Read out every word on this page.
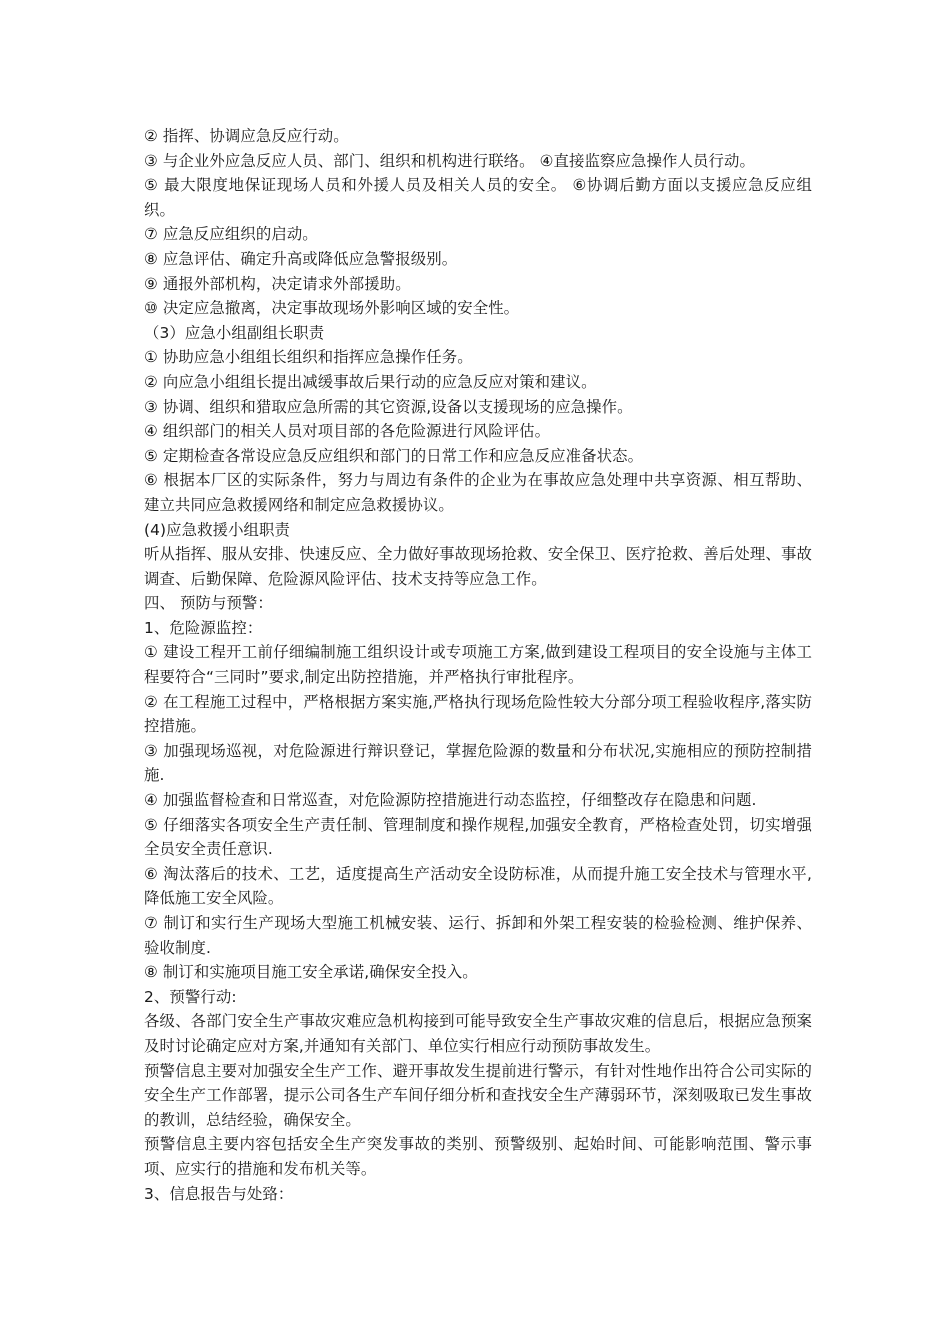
② 指挥、协调应急反应行动。
③ 与企业外应急反应人员、部门、组织和机构进行联络。 ④直接监察应急操作人员行动。
⑤ 最大限度地保证现场人员和外援人员及相关人员的安全。 ⑥协调后勤方面以支援应急反应组织。
⑦ 应急反应组织的启动。
⑧ 应急评估、确定升高或降低应急警报级别。
⑨ 通报外部机构，决定请求外部援助。
⑩ 决定应急撤离，决定事故现场外影响区域的安全性。
（3）应急小组副组长职责
① 协助应急小组组长组织和指挥应急操作任务。
② 向应急小组组长提出减缓事故后果行动的应急反应对策和建议。
③ 协调、组织和猎取应急所需的其它资源,设备以支援现场的应急操作。
④ 组织部门的相关人员对项目部的各危险源进行风险评估。
⑤ 定期检查各常设应急反应组织和部门的日常工作和应急反应准备状态。
⑥ 根据本厂区的实际条件，努力与周边有条件的企业为在事故应急处理中共享资源、相互帮助、建立共同应急救援网络和制定应急救援协议。
(4)应急救援小组职责
听从指挥、服从安排、快速反应、全力做好事故现场抢救、安全保卫、医疗抢救、善后处理、事故调查、后勤保障、危险源风险评估、技术支持等应急工作。
四、 预防与预警：
1、危险源监控：
① 建设工程开工前仔细编制施工组织设计或专项施工方案,做到建设工程项目的安全设施与主体工程要符合“三同时”要求,制定出防控措施，并严格执行审批程序。
② 在工程施工过程中，严格根据方案实施,严格执行现场危险性较大分部分项工程验收程序,落实防控措施。
③ 加强现场巡视，对危险源进行辩识登记，掌握危险源的数量和分布状况,实施相应的预防控制措施.
④ 加强监督检查和日常巡查，对危险源防控措施进行动态监控，仔细整改存在隐患和问题.
⑤ 仔细落实各项安全生产责任制、管理制度和操作规程,加强安全教育，严格检查处罚，切实增强全员安全责任意识.
⑥ 淘汰落后的技术、工艺，适度提高生产活动安全设防标准，从而提升施工安全技术与管理水平,降低施工安全风险。
⑦ 制订和实行生产现场大型施工机械安装、运行、拆卸和外架工程安装的检验检测、维护保养、验收制度.
⑧ 制订和实施项目施工安全承诺,确保安全投入。
2、预警行动:
各级、各部门安全生产事故灾难应急机构接到可能导致安全生产事故灾难的信息后，根据应急预案及时讨论确定应对方案,并通知有关部门、单位实行相应行动预防事故发生。
预警信息主要对加强安全生产工作、避开事故发生提前进行警示，有针对性地作出符合公司实际的安全生产工作部署，提示公司各生产车间仔细分析和查找安全生产薄弱环节，深刻吸取已发生事故的教训，总结经验，确保安全。
预警信息主要内容包括安全生产突发事故的类别、预警级别、起始时间、可能影响范围、警示事项、应实行的措施和发布机关等。
3、信息报告与处臵：
